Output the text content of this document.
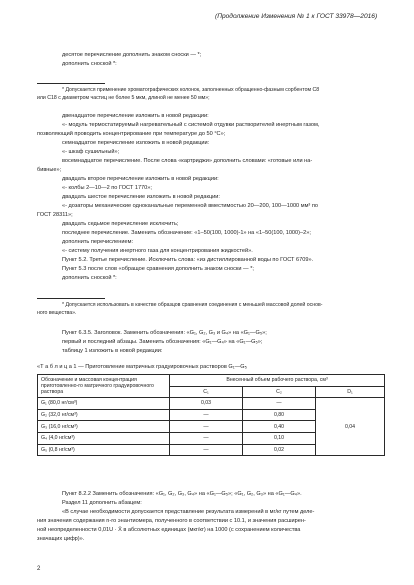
(Продолжение Изменения № 1 к ГОСТ 33978—2016)
десятое перечисление дополнить знаком сноски — *;
дополнить сноской *:
* Допускается применение хроматографических колонок, заполненных обращенно-фазным сорбентом С8
или С18 с диаметром частиц не более 5 мкм, длиной не менее 50 мм»;
двенадцатое перечисление изложить в новой редакции:
«- модуль термостатируемый нагревательный с системой отдувки растворителей инертным газом,
позволяющий проводить концентрирование при температуре до 50 °C»;
семнадцатое перечисление изложить в новой редакции:
«- шкаф сушильный»;
восемнадцатое перечисление. После слова «картриджи» дополнить словами: «готовые или на-
бивные»;
двадцать второе перечисление изложить в новой редакции:
«- колбы 2—10—2 по ГОСТ 1770»;
двадцать шестое перечисление изложить в новой редакции:
«- дозаторы механические одноканальные переменной вместимостью 20—200, 100—1000 мм³ по
ГОСТ 28311»;
двадцать седьмое перечисление исключить;
последнее перечисление. Заменить обозначение: «1–50(100, 1000)-1» на «1–50(100, 1000)–2»;
дополнить перечислением:
«- систему получения инертного газа для концентрирования жидкостей».
Пункт 5.2. Третье перечисление. Исключить слова: «из дистиллированной воды по ГОСТ 6709».
Пункт 5.3 после слов «обращое сравнения дополнить знаком сноски — *;
дополнить сноской *:
* Допускается использовать в качестве образцов сравнения соединения с меньшей массовой долей основ-
ного вещества».
Пункт 6.3.5. Заголовок. Заменить обозначения: «G₁, G₂, G₃ и G₄» на «G₁—G₅»;
первый и последний абзацы. Заменить обозначения: «G₁—G₄» на «G₁—G₅»;
таблицу 1 изложить в новой редакции:
«Т а б л и ц а 1 — Приготовление матричных градуировочных растворов G₁—G₅
Обозначение и массовая концентрация приготовленно-го матричного градуировочного раствора	Внесенный объем рабочего раствора, см³		
	C₁	C₂	D₁
G₁ (80,0 нг/см³)	0,03	—	0,04
G₂ (32,0 нг/см³)	—	0,80	
G₃ (16,0 нг/см³)	—	0,40	
G₄ (4,0 нг/см³)	—	0,10	
G₅ (0,8 нг/см³)	—	0,02	
Пункт 8.2.2 Заменить обозначения: «G₁, G₂, G₃, G₄» на «G₁—G₅»; «G₁, G₂, G₃» на «G₁—G₄».
Раздел 11 дополнить абзацем:
«В случае необходимости допускается представление результата измерений в мг/кг путем деле-
ния значения содержания n-го энантиомера, полученного в соответствии с 10.1, и значения расширен-
ной неопределенности 0,01U · X̄ в абсолютных единицах (мкг/кг) на 1000 (с сохранением количества
значащих цифр)».
2
